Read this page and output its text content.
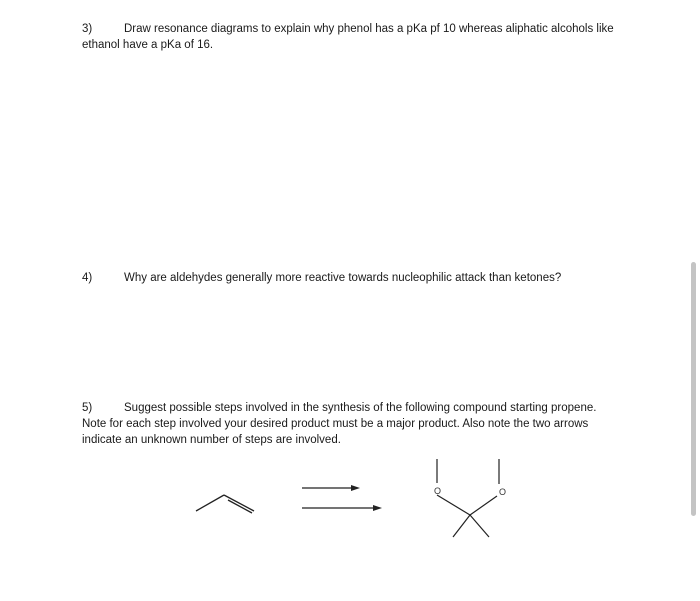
3)	Draw resonance diagrams to explain why phenol has a pKa pf 10 whereas aliphatic alcohols like
ethanol have a pKa of 16.
4)	Why are aldehydes generally more reactive towards nucleophilic attack than ketones?
5)	Suggest possible steps involved in the synthesis of the following compound starting propene.
Note for each step involved your desired product must be a major product. Also note the two arrows
indicate an unknown number of steps are involved.
O	O
